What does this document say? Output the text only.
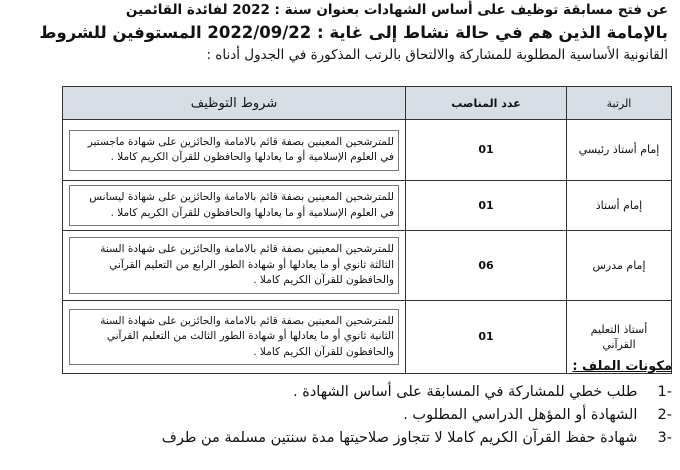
عن فتح مسابقة توظيف على أساس الشهادات بعنوان سنة : 2022 لفائدة القائمين
بالإمامة الذين هم في حالة نشاط إلى غاية : 2022/09/22 المستوفين للشروط
القانونية الأساسية المطلوبة للمشاركة والالتحاق بالرتب المذكورة في الجدول أدناه :
الرتبة	عدد المناصب	شروط التوظيف

إمام أستاذ رئيسي	01	للمترشحين المعينين بصفة قائم بالامامة والحائزين على شهادة ماجستير في العلوم الإسلامية أو ما يعادلها والحافظون للقرآن الكريم كاملا .

إمام أستاذ	01	للمترشحين المعينين بصفة قائم بالامامة والحائزين على شهادة ليسانس في العلوم الإسلامية أو ما يعادلها والحافظون للقرآن الكريم كاملا .

إمام مدرس	06	للمترشحين المعينين بصفة قائم بالامامة والحائزين على شهادة السنة الثالثة ثانوي أو ما يعادلها أو شهادة الطور الرابع من التعليم القرآني والحافظون للقرآن الكريم كاملا .

أستاذ التعليم القرآني	01	للمترشحين المعينين بصفة قائم بالامامة والحائزين على شهادة السنة الثانية ثانوي أو ما يعادلها أو شهادة الطور الثالث من التعليم القرآني والحافظون للقرآن الكريم كاملا .
مكونات الملف :
-1 طلب خطي للمشاركة في المسابقة على أساس الشهادة .
-2 الشهادة أو المؤهل الدراسي المطلوب .
-3 شهادة حفظ القرآن الكريم كاملا لا تتجاوز صلاحيتها مدة سنتين مسلمة من طرف
